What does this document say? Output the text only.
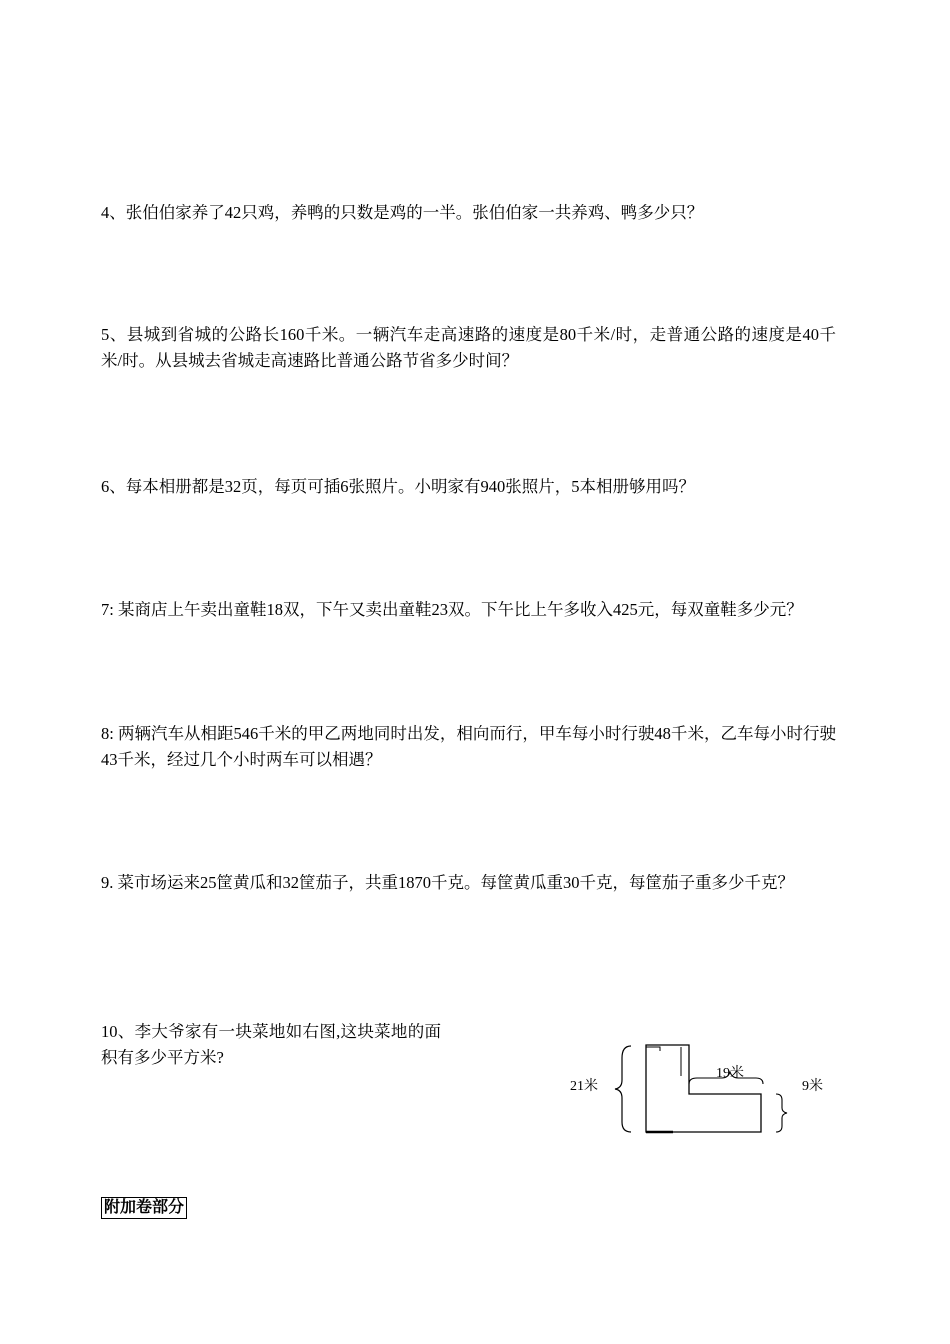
4、张伯伯家养了42只鸡，养鸭的只数是鸡的一半。张伯伯家一共养鸡、鸭多少只？

5、县城到省城的公路长160千米。一辆汽车走高速路的速度是80千米/时，走普通公路的速度是40千米/时。从县城去省城走高速路比普通公路节省多少时间？

6、每本相册都是32页，每页可插6张照片。小明家有940张照片，5本相册够用吗？

7: 某商店上午卖出童鞋18双，下午又卖出童鞋23双。下午比上午多收入425元，每双童鞋多少元？

8: 两辆汽车从相距546千米的甲乙两地同时出发，相向而行，甲车每小时行驶48千米，乙车每小时行驶43千米，经过几个小时两车可以相遇？

9. 菜市场运来25筐黄瓜和32筐茄子，共重1870千克。每筐黄瓜重30千克，每筐茄子重多少千克？

10、李大爷家有一块菜地如右图,这块菜地的面积有多少平方米?

21米
19米
9米

附加卷部分
